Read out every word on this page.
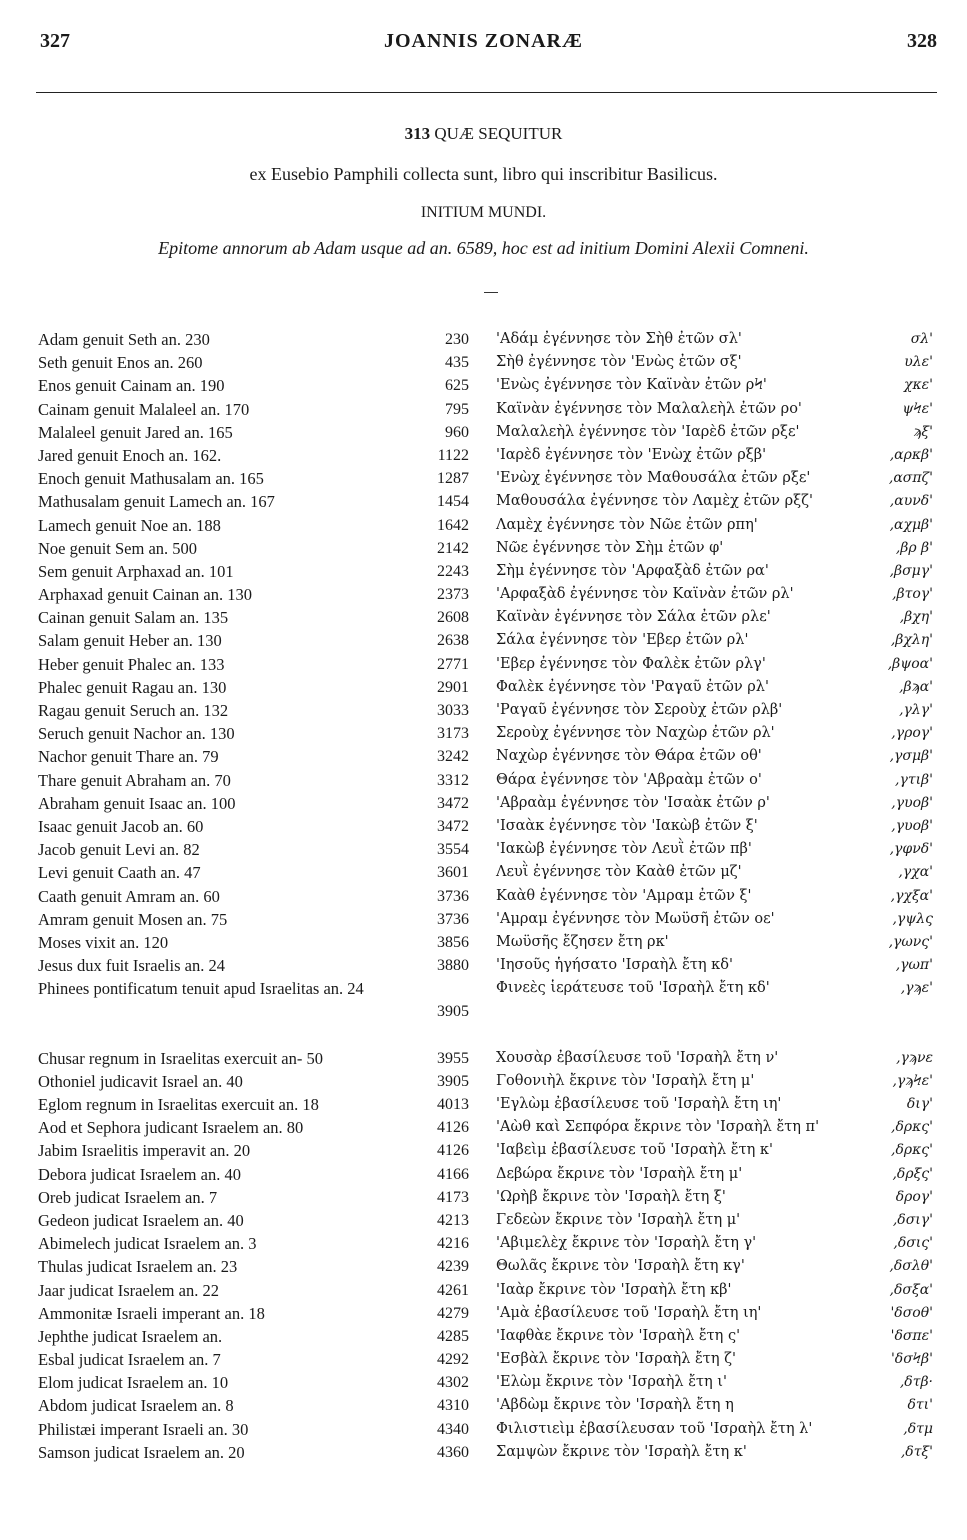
327	JOANNIS ZONARÆ	328
313 QUÆ SEQUITUR
ex Eusebio Pamphili collecta sunt, libro qui inscribitur Basilicus.
INITIUM MUNDI.
Epitome annorum ab Adam usque ad an. 6589, hoc est ad initium Domini Alexii Comneni.
Adam genuit Seth an. 230	230 'Αδάμ ἐγέννησε τὸν Σὴθ ἐτῶν σλ'	σλ'
Seth genuit Enos an. 260	435 Σὴθ ἐγέννησε τὸν 'Ενὼς ἐτῶν σξ'	υλε'
Enos genuit Cainam an. 190	625 'Ενὼς ἐγέννησε τὸν Καϊνὰν ἐτῶν ρϞ'	χκε'
Cainam genuit Malaleel an. 170	795 Καϊνὰν ἐγέννησε τὸν Μαλαλεὴλ ἐτῶν ρο'	ψϞε'
Malaleel genuit Jared an. 165	960 Μαλαλεὴλ ἐγέννησε τὸν 'Ιαρὲδ ἐτῶν ρξε'	ϡξ'
Jared genuit Enoch an. 162.	1122 'Ιαρὲδ ἐγέννησε τὸν 'Ενὼχ ἐτῶν ρξβ'	,αρκβ'
Enoch genuit Mathusalam an. 165	1287 'Ενὼχ ἐγέννησε τὸν Μαθουσάλα ἐτῶν ρξε'	,ασπζ'
Mathusalam genuit Lamech an. 167	1454 Μαθουσάλα ἐγέννησε τὸν Λαμὲχ ἐτῶν ρξζ'	,αυνδ'
Lamech genuit Noe an. 188	1642 Λαμὲχ ἐγέννησε τὸν Νῶε ἐτῶν ρπη'	,αχμβ'
Noe genuit Sem an. 500	2142 Νῶε ἐγέννησε τὸν Σὴμ ἐτῶν φ'	,βρ β'
Sem genuit Arphaxad an. 101	2243 Σὴμ ἐγέννησε τὸν 'Αρφαξὰδ ἐτῶν ρα'	,βσμγ'
Arphaxad genuit Cainan an. 130	2373 'Αρφαξὰδ ἐγέννησε τὸν Καϊνὰν ἐτῶν ρλ'	,βτογ'
Cainan genuit Salam an. 135	2608 Καϊνὰν ἐγέννησε τὸν Σάλα ἐτῶν ρλε'	,βχη'
Salam genuit Heber an. 130	2638 Σάλα ἐγέννησε τὸν 'Εβερ ἐτῶν ρλ'	,βχλη'
Heber genuit Phalec an. 133	2771 'Εβερ ἐγέννησε τὸν Φαλὲκ ἐτῶν ρλγ'	,βψοα'
Phalec genuit Ragau an. 130	2901 Φαλὲκ ἐγέννησε τὸν 'Ραγαῦ ἐτῶν ρλ'	,βϡα'
Ragau genuit Seruch an. 132	3033 'Ραγαῦ ἐγέννησε τὸν Σεροὺχ ἐτῶν ρλβ'	,γλγ'
Seruch genuit Nachor an. 130	3173 Σεροὺχ ἐγέννησε τὸν Ναχὼρ ἐτῶν ρλ'	,γρογ'
Nachor genuit Thare an. 79	3242 Ναχὼρ ἐγέννησε τὸν Θάρα ἐτῶν οθ'	,γσμβ'
Thare genuit Abraham an. 70	3312 Θάρα ἐγέννησε τὸν 'Αβραὰμ ἐτῶν ο'	,γτιβ'
Abraham genuit Isaac an. 100	3472 'Αβραὰμ ἐγέννησε τὸν 'Ισαὰκ ἐτῶν ρ'	,γυοβ'
Isaac genuit Jacob an. 60	3472 'Ισαὰκ ἐγέννησε τὸν 'Ιακὼβ ἐτῶν ξ'	,γυοβ'
Jacob genuit Levi an. 82	3554 'Ιακὼβ ἐγέννησε τὸν Λευῒ ἐτῶν πβ'	,γφνδ'
Levi genuit Caath an. 47	3601 Λευῒ ἐγέννησε τὸν Καὰθ ἐτῶν μζ'	,γχα'
Caath genuit Amram an. 60	3736 Καὰθ ἐγέννησε τὸν 'Αμραμ ἐτῶν ξ'	,γχξα'
Amram genuit Mosen an. 75	3736 'Αμραμ ἐγέννησε τὸν Μωϋσῆ ἐτῶν οε'	,γψλς
Moses vixit an. 120	3856 Μωϋσῆς ἔζησεν ἔτη ρκ'	,γωνς'
Jesus dux fuit Israelis an. 24	3880 'Ιησοῦς ἡγήσατο 'Ισραὴλ ἔτη κδ'	,γωπ'
Phinees pontificatum tenuit apud Israelitas an. 24	Φινεὲς ἱεράτευσε τοῦ 'Ισραὴλ ἔτη κδ'	,γϡε'
3905
Chusar regnum in Israelitas exercuit an- 50	3955 Χουσὰρ ἐβασίλευσε τοῦ 'Ισραὴλ ἔτη ν'	,γϡνε
Othoniel judicavit Israel an. 40	3905 Γοθονιὴλ ἔκρινε τὸν 'Ισραὴλ ἔτη μ'	,γϡϞε'
Eglom regnum in Israelitas exercuit an. 18	4013 'Εγλὼμ ἐβασίλευσε τοῦ 'Ισραὴλ ἔτη ιη'	διγ'
Aod et Sephora judicant Israelem an. 80	4126 'Αὼθ καὶ Σεπφόρα ἔκρινε τὸν 'Ισραὴλ ἔτη π'	,δρκς'
Jabim Israelitis imperavit an. 20	4126 'Ιαβεὶμ ἐβασίλευσε τοῦ 'Ισραὴλ ἔτη κ'	,δρκς'
Debora judicat Israelem an. 40	4166 Δεβώρα ἔκρινε τὸν 'Ισραὴλ ἔτη μ'	,δρξς'
Oreb judicat Israelem an. 7	4173 'Ωρὴβ ἔκρινε τὸν 'Ισραὴλ ἔτη ξ'	δρογ'
Gedeon judicat Israelem an. 40	4213 Γεδεὼν ἔκρινε τὸν 'Ισραὴλ ἔτη μ'	,δσιγ'
Abimelech judicat Israelem an. 3	4216 'Αβιμελὲχ ἔκρινε τὸν 'Ισραὴλ ἔτη γ'	,δσις'
Thulas judicat Israelem an. 23	4239 Θωλᾶς ἔκρινε τὸν 'Ισραὴλ ἔτη κγ'	,δσλθ'
Jaar judicat Israelem an. 22	4261 'Ιαὰρ ἔκρινε τὸν 'Ισραὴλ ἔτη κβ'	,δσξα'
Ammonitæ Israeli imperant an. 18	4279 'Αμὰ ἐβασίλευσε τοῦ 'Ισραὴλ ἔτη ιη'	'δσοθ'
Jephthe judicat Israelem an.	4285 'Ιαφθὰε ἔκρινε τὸν 'Ισραὴλ ἔτη ς'	'δσπε'
Esbal judicat Israelem an. 7	4292 'Εσβὰλ ἔκρινε τὸν 'Ισραὴλ ἔτη ζ'	'δσϞβ'
Elom judicat Israelem an. 10	4302 'Ελὼμ ἔκρινε τὸν 'Ισραὴλ ἔτη ι'	,δτβ·
Abdom judicat Israelem an. 8	4310 'Αβδὼμ ἔκρινε τὸν 'Ισραὴλ ἔτη η	δτι'
Philistæi imperant Israeli an. 30	4340 Φιλιστιεὶμ ἐβασίλευσαν τοῦ 'Ισραὴλ ἔτη λ'	,δτμ
Samson judicat Israelem an. 20	4360 Σαμψὼν ἔκρινε τὸν 'Ισραὴλ ἔτη κ'	,δτξ'
